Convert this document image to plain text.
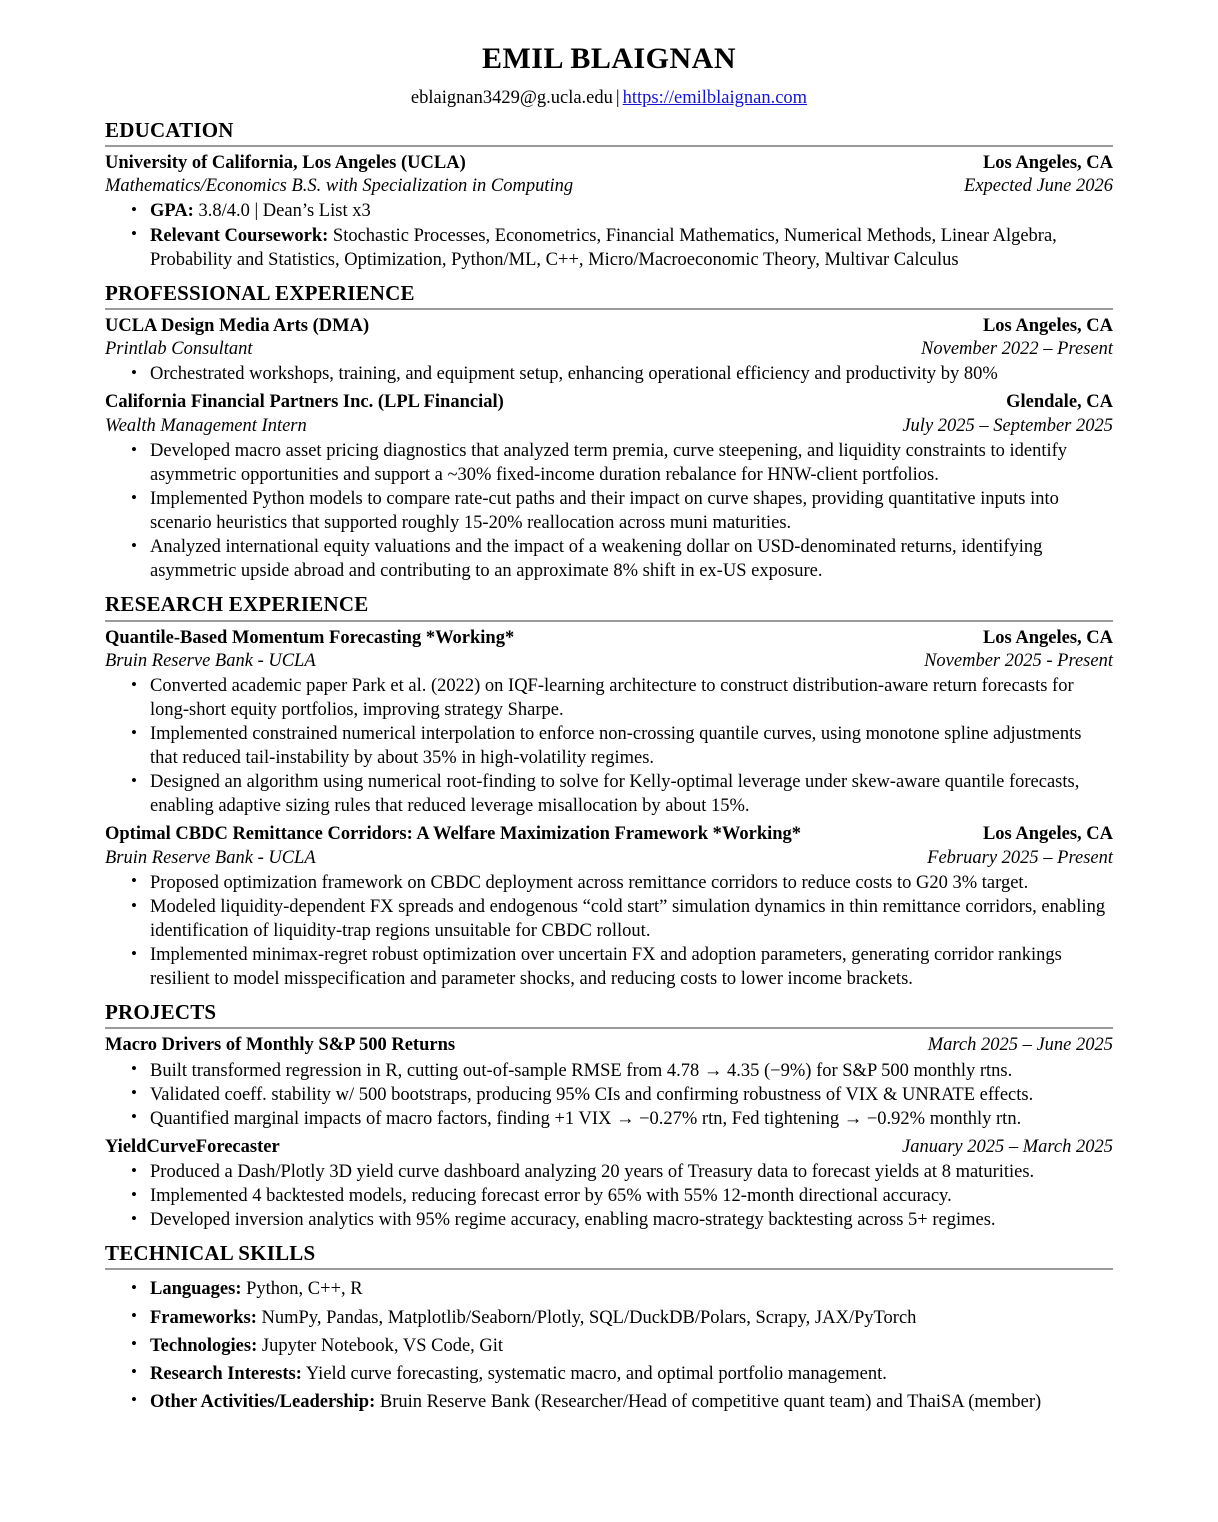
EMIL BLAIGNAN
eblaignan3429@g.ucla.edu | https://emilblaignan.com
EDUCATION
University of California, Los Angeles (UCLA)	Los Angeles, CA
Mathematics/Economics B.S. with Specialization in Computing	Expected June 2026
• GPA: 3.8/4.0 | Dean’s List x3
• Relevant Coursework: Stochastic Processes, Econometrics, Financial Mathematics, Numerical Methods, Linear Algebra, Probability and Statistics, Optimization, Python/ML, C++, Micro/Macroeconomic Theory, Multivar Calculus
PROFESSIONAL EXPERIENCE
UCLA Design Media Arts (DMA)	Los Angeles, CA
Printlab Consultant	November 2022 – Present
• Orchestrated workshops, training, and equipment setup, enhancing operational efficiency and productivity by 80%
California Financial Partners Inc. (LPL Financial)	Glendale, CA
Wealth Management Intern	July 2025 – September 2025
• Developed macro asset pricing diagnostics that analyzed term premia, curve steepening, and liquidity constraints to identify asymmetric opportunities and support a ~30% fixed-income duration rebalance for HNW-client portfolios.
• Implemented Python models to compare rate-cut paths and their impact on curve shapes, providing quantitative inputs into scenario heuristics that supported roughly 15-20% reallocation across muni maturities.
• Analyzed international equity valuations and the impact of a weakening dollar on USD-denominated returns, identifying asymmetric upside abroad and contributing to an approximate 8% shift in ex-US exposure.
RESEARCH EXPERIENCE
Quantile-Based Momentum Forecasting *Working*	Los Angeles, CA
Bruin Reserve Bank - UCLA	November 2025 - Present
• Converted academic paper Park et al. (2022) on IQF-learning architecture to construct distribution-aware return forecasts for long-short equity portfolios, improving strategy Sharpe.
• Implemented constrained numerical interpolation to enforce non-crossing quantile curves, using monotone spline adjustments that reduced tail-instability by about 35% in high-volatility regimes.
• Designed an algorithm using numerical root-finding to solve for Kelly-optimal leverage under skew-aware quantile forecasts, enabling adaptive sizing rules that reduced leverage misallocation by about 15%.
Optimal CBDC Remittance Corridors: A Welfare Maximization Framework *Working*	Los Angeles, CA
Bruin Reserve Bank - UCLA	February 2025 – Present
• Proposed optimization framework on CBDC deployment across remittance corridors to reduce costs to G20 3% target.
• Modeled liquidity-dependent FX spreads and endogenous “cold start” simulation dynamics in thin remittance corridors, enabling identification of liquidity-trap regions unsuitable for CBDC rollout.
• Implemented minimax-regret robust optimization over uncertain FX and adoption parameters, generating corridor rankings resilient to model misspecification and parameter shocks, and reducing costs to lower income brackets.
PROJECTS
Macro Drivers of Monthly S&P 500 Returns	March 2025 – June 2025
• Built transformed regression in R, cutting out-of-sample RMSE from 4.78 → 4.35 (−9%) for S&P 500 monthly rtns.
• Validated coeff. stability w/ 500 bootstraps, producing 95% CIs and confirming robustness of VIX & UNRATE effects.
• Quantified marginal impacts of macro factors, finding +1 VIX → −0.27% rtn, Fed tightening → −0.92% monthly rtn.
YieldCurveForecaster	January 2025 – March 2025
• Produced a Dash/Plotly 3D yield curve dashboard analyzing 20 years of Treasury data to forecast yields at 8 maturities.
• Implemented 4 backtested models, reducing forecast error by 65% with 55% 12-month directional accuracy.
• Developed inversion analytics with 95% regime accuracy, enabling macro-strategy backtesting across 5+ regimes.
TECHNICAL SKILLS
• Languages: Python, C++, R
• Frameworks: NumPy, Pandas, Matplotlib/Seaborn/Plotly, SQL/DuckDB/Polars, Scrapy, JAX/PyTorch
• Technologies: Jupyter Notebook, VS Code, Git
• Research Interests: Yield curve forecasting, systematic macro, and optimal portfolio management.
• Other Activities/Leadership: Bruin Reserve Bank (Researcher/Head of competitive quant team) and ThaiSA (member)
